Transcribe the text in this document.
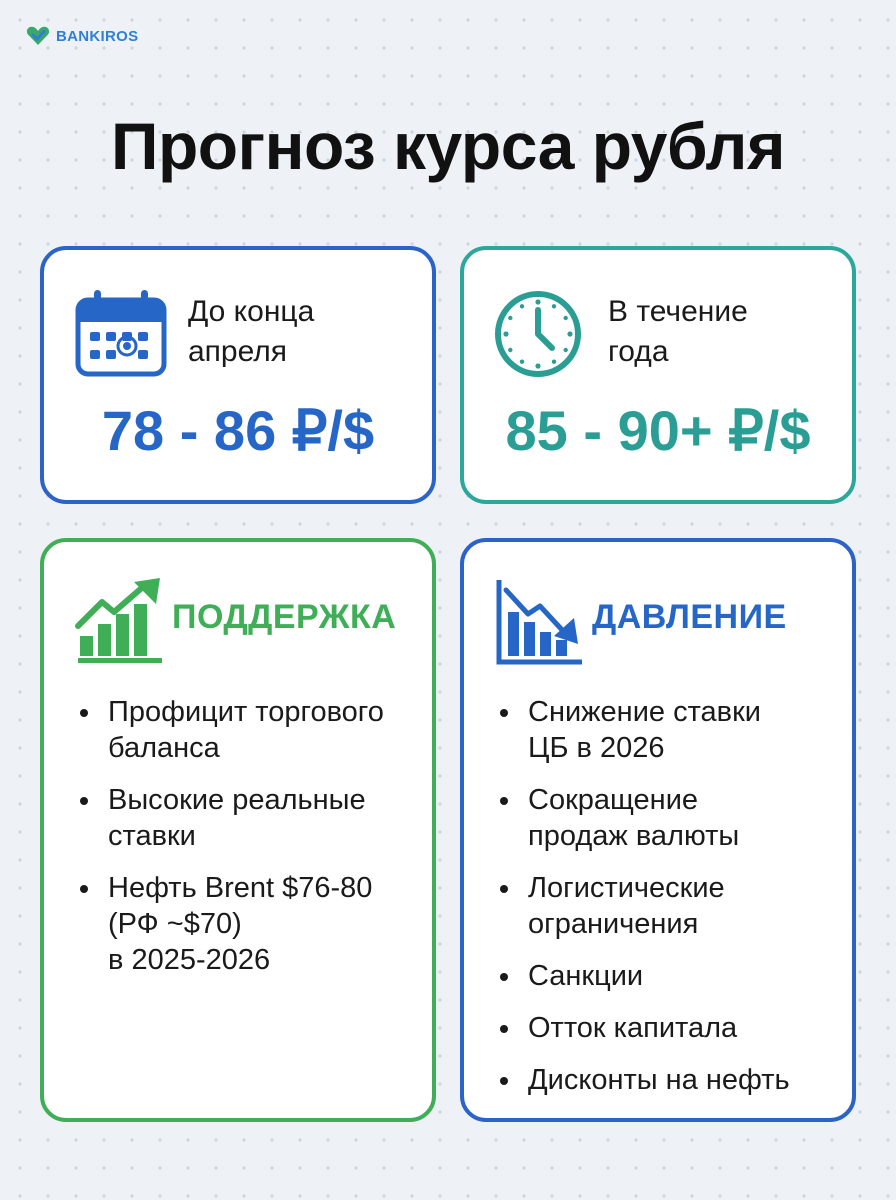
BANKIROS
Прогноз курса рубля
До конца
апреля
78 - 86 ₽/$
В течение
года
85 - 90+ ₽/$
ПОДДЕРЖКА
Профицит торгового
баланса
Высокие реальные
ставки
Нефть Brent $76-80
(РФ ~$70)
в 2025-2026
ДАВЛЕНИЕ
Снижение ставки
ЦБ в 2026
Сокращение
продаж валюты
Логистические
ограничения
Санкции
Отток капитала
Дисконты на нефть
